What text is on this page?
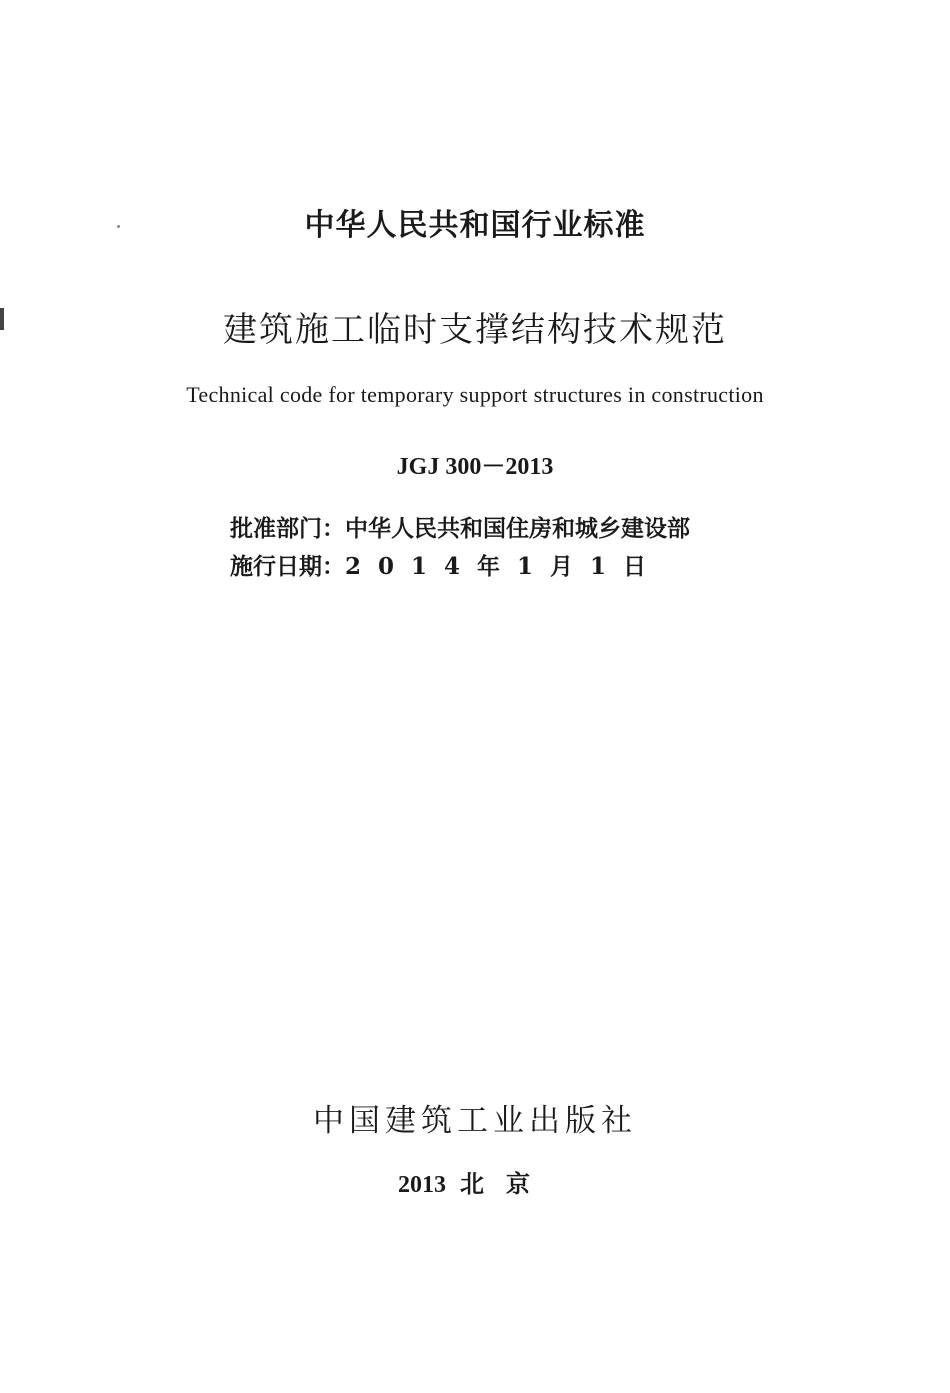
中华人民共和国行业标准
建筑施工临时支撑结构技术规范
Technical code for temporary support structures in construction
JGJ 300－2013
批准部门：中华人民共和国住房和城乡建设部
施行日期：2014年1月1日
中国建筑工业出版社
2013 北京
